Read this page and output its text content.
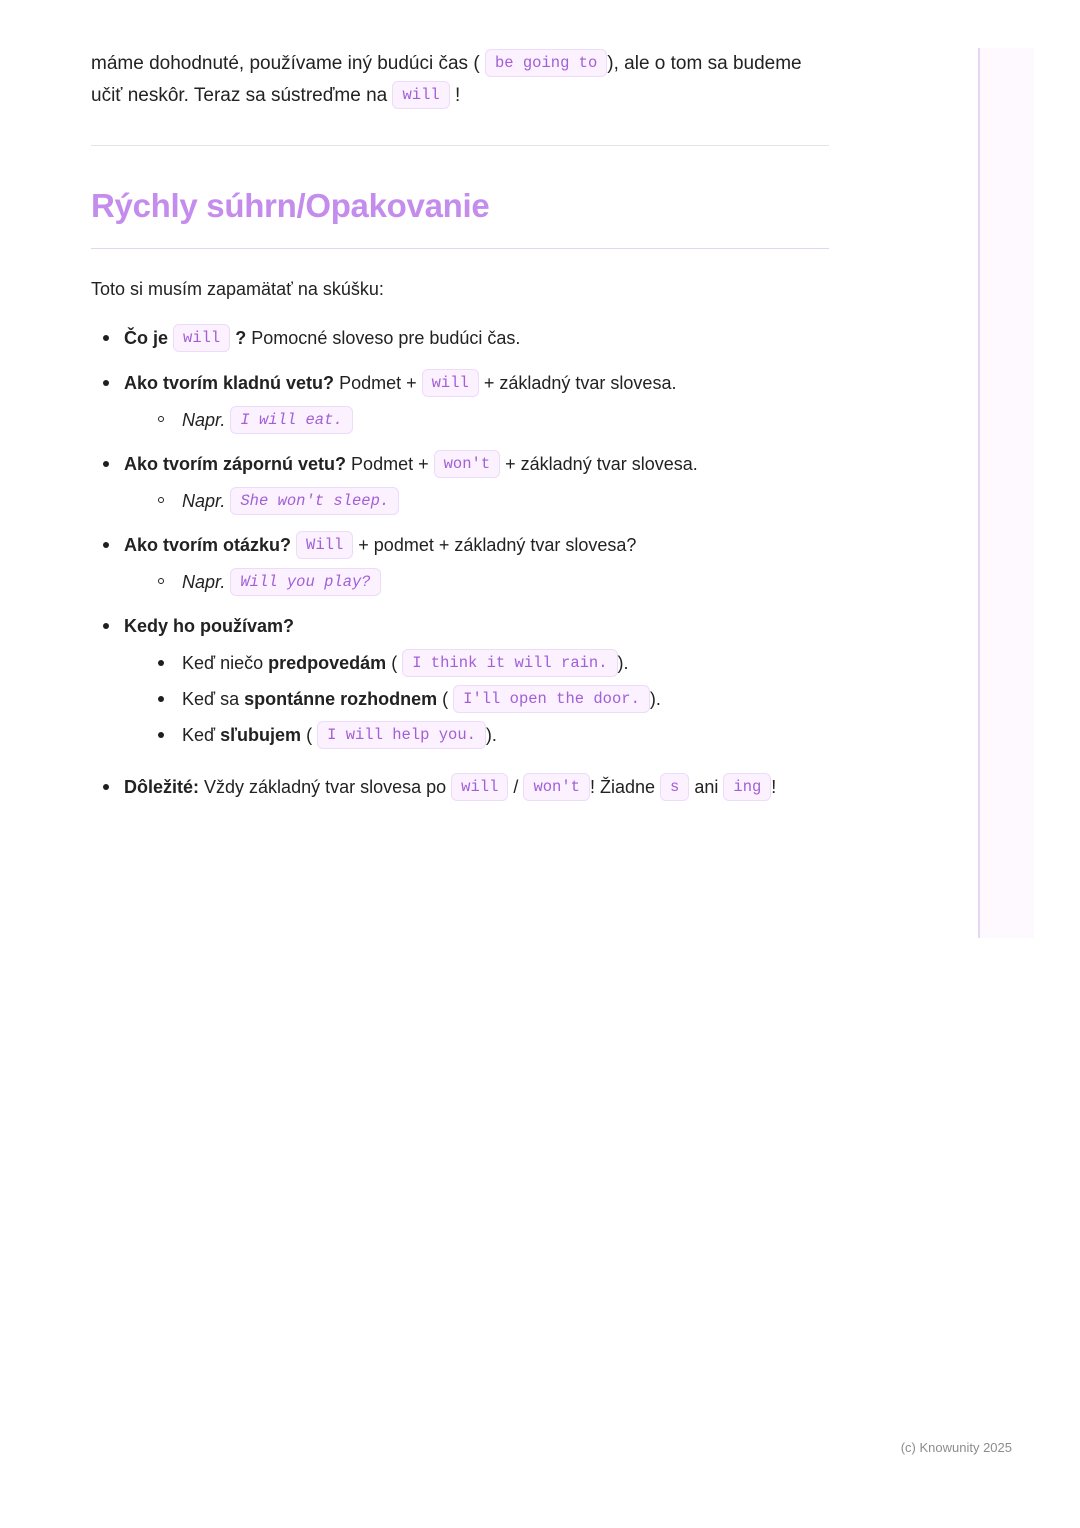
máme dohodnuté, používame iný budúci čas ( be going to ), ale o tom sa budeme učiť neskôr. Teraz sa sústreďme na will !

Rýchly súhrn/Opakovanie

Toto si musím zapamätať na skúšku:

Čo je will ? Pomocné sloveso pre budúci čas.
Ako tvorím kladnú vetu? Podmet + will + základný tvar slovesa.
Napr. I will eat.
Ako tvorím zápornú vetu? Podmet + won't + základný tvar slovesa.
Napr. She won't sleep.
Ako tvorím otázku? Will + podmet + základný tvar slovesa?
Napr. Will you play?
Kedy ho používam?
Keď niečo predpovedám ( I think it will rain. ).
Keď sa spontánne rozhodnem ( I'll open the door. ).
Keď sľubujem ( I will help you. ).
Dôležité: Vždy základný tvar slovesa po will / won't ! Žiadne s ani ing !
(c) Knowunity 2025
